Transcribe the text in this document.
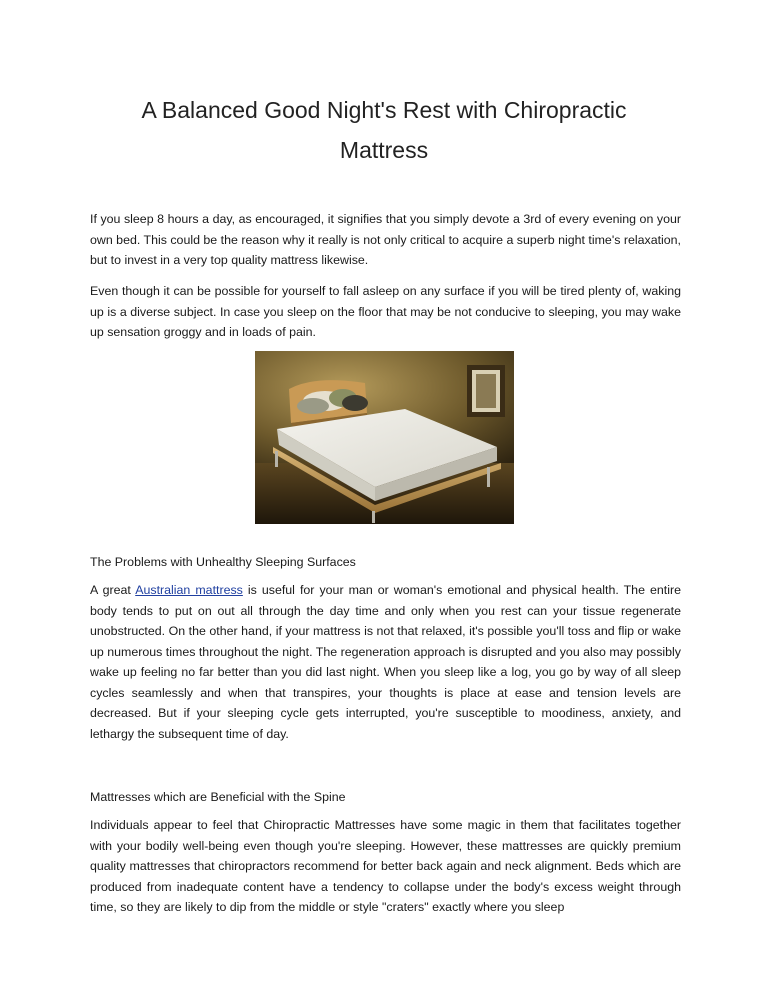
A Balanced Good Night's Rest with Chiropractic Mattress

If you sleep 8 hours a day, as encouraged, it signifies that you simply devote a 3rd of every evening on your own bed. This could be the reason why it really is not only critical to acquire a superb night time's relaxation, but to invest in a very top quality mattress likewise.

Even though it can be possible for yourself to fall asleep on any surface if you will be tired plenty of, waking up is a diverse subject. In case you sleep on the floor that may be not conducive to sleeping, you may wake up sensation groggy and in loads of pain.

The Problems with Unhealthy Sleeping Surfaces

A great Australian mattress is useful for your man or woman's emotional and physical health. The entire body tends to put on out all through the day time and only when you rest can your tissue regenerate unobstructed. On the other hand, if your mattress is not that relaxed, it's possible you'll toss and flip or wake up numerous times throughout the night. The regeneration approach is disrupted and you also may possibly wake up feeling no far better than you did last night. When you sleep like a log, you go by way of all sleep cycles seamlessly and when that transpires, your thoughts is place at ease and tension levels are decreased. But if your sleeping cycle gets interrupted, you're susceptible to moodiness, anxiety, and lethargy the subsequent time of day.

Mattresses which are Beneficial with the Spine

Individuals appear to feel that Chiropractic Mattresses have some magic in them that facilitates together with your bodily well-being even though you're sleeping. However, these mattresses are quickly premium quality mattresses that chiropractors recommend for better back again and neck alignment. Beds which are produced from inadequate content have a tendency to collapse under the body's excess weight through time, so they are likely to dip from the middle or style "craters" exactly where you sleep
